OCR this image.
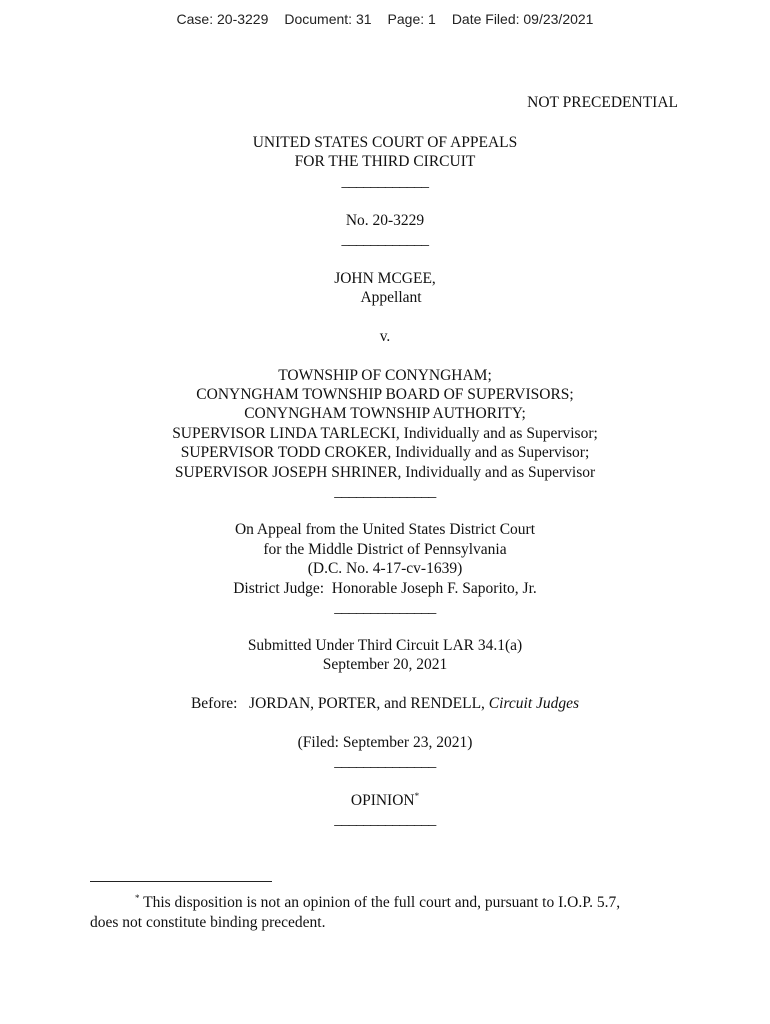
Case: 20-3229 Document: 31 Page: 1 Date Filed: 09/23/2021
NOT PRECEDENTIAL
UNITED STATES COURT OF APPEALS
FOR THE THIRD CIRCUIT
____________
No. 20-3229
____________
JOHN MCGEE,
Appellant
v.
TOWNSHIP OF CONYNGHAM;
CONYNGHAM TOWNSHIP BOARD OF SUPERVISORS;
CONYNGHAM TOWNSHIP AUTHORITY;
SUPERVISOR LINDA TARLECKI, Individually and as Supervisor;
SUPERVISOR TODD CROKER, Individually and as Supervisor;
SUPERVISOR JOSEPH SHRINER, Individually and as Supervisor
______________
On Appeal from the United States District Court
for the Middle District of Pennsylvania
(D.C. No. 4-17-cv-1639)
District Judge:  Honorable Joseph F. Saporito, Jr.
______________
Submitted Under Third Circuit LAR 34.1(a)
September 20, 2021
Before:   JORDAN, PORTER, and RENDELL, Circuit Judges
(Filed: September 23, 2021)
______________
OPINION*
______________
* This disposition is not an opinion of the full court and, pursuant to I.O.P. 5.7,
does not constitute binding precedent.
